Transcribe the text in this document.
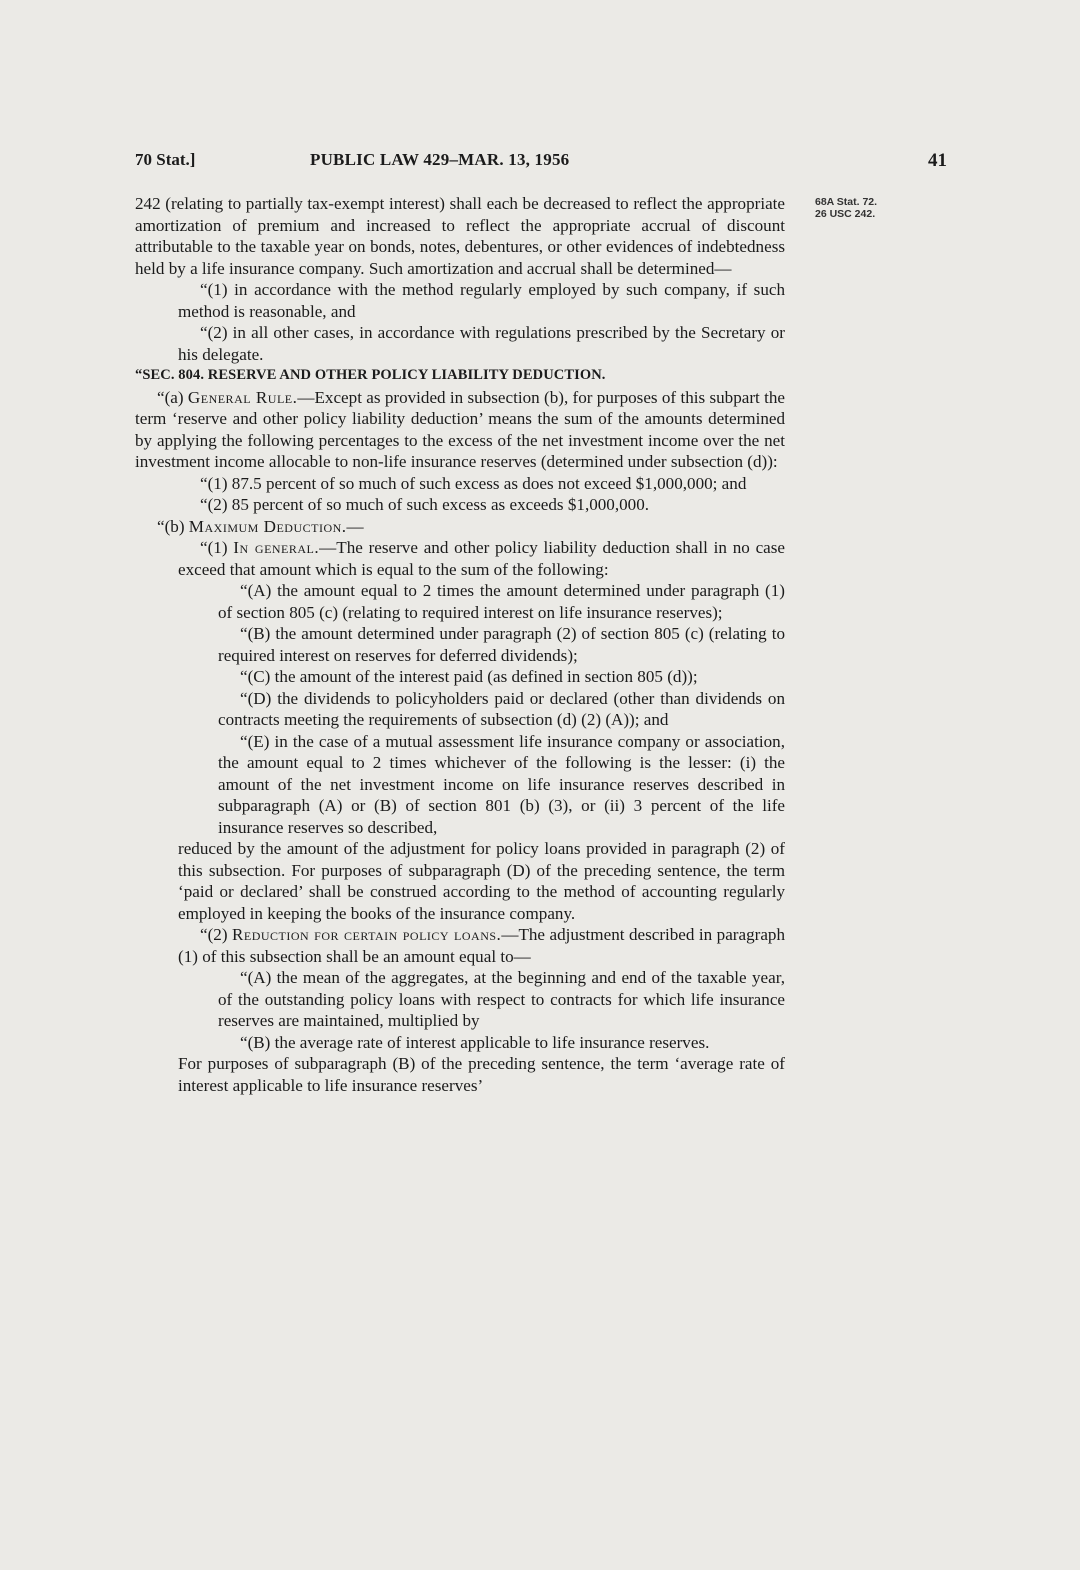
70 Stat.]	PUBLIC LAW 429–MAR. 13, 1956	41
68A Stat. 72.
26 USC 242.

242 (relating to partially tax-exempt interest) shall each be decreased to reflect the appropriate amortization of premium and increased to reflect the appropriate accrual of discount attributable to the taxable year on bonds, notes, debentures, or other evidences of indebtedness held by a life insurance company. Such amortization and accrual shall be determined—

“(1) in accordance with the method regularly employed by such company, if such method is reasonable, and

“(2) in all other cases, in accordance with regulations prescribed by the Secretary or his delegate.

“SEC. 804. RESERVE AND OTHER POLICY LIABILITY DEDUCTION.

“(a) General Rule.—Except as provided in subsection (b), for purposes of this subpart the term ‘reserve and other policy liability deduction’ means the sum of the amounts determined by applying the following percentages to the excess of the net investment income over the net investment income allocable to non-life insurance reserves (determined under subsection (d)):

“(1) 87.5 percent of so much of such excess as does not exceed $1,000,000; and

“(2) 85 percent of so much of such excess as exceeds $1,000,000.

“(b) Maximum Deduction.—

“(1) In general.—The reserve and other policy liability deduction shall in no case exceed that amount which is equal to the sum of the following:

“(A) the amount equal to 2 times the amount determined under paragraph (1) of section 805 (c) (relating to required interest on life insurance reserves);

“(B) the amount determined under paragraph (2) of section 805 (c) (relating to required interest on reserves for deferred dividends);

“(C) the amount of the interest paid (as defined in section 805 (d));

“(D) the dividends to policyholders paid or declared (other than dividends on contracts meeting the requirements of subsection (d) (2) (A)); and

“(E) in the case of a mutual assessment life insurance company or association, the amount equal to 2 times whichever of the following is the lesser: (i) the amount of the net investment income on life insurance reserves described in subparagraph (A) or (B) of section 801 (b) (3), or (ii) 3 percent of the life insurance reserves so described,

reduced by the amount of the adjustment for policy loans provided in paragraph (2) of this subsection. For purposes of subparagraph (D) of the preceding sentence, the term ‘paid or declared’ shall be construed according to the method of accounting regularly employed in keeping the books of the insurance company.

“(2) Reduction for certain policy loans.—The adjustment described in paragraph (1) of this subsection shall be an amount equal to—

“(A) the mean of the aggregates, at the beginning and end of the taxable year, of the outstanding policy loans with respect to contracts for which life insurance reserves are maintained, multiplied by

“(B) the average rate of interest applicable to life insurance reserves.

For purposes of subparagraph (B) of the preceding sentence, the term ‘average rate of interest applicable to life insurance reserves’
